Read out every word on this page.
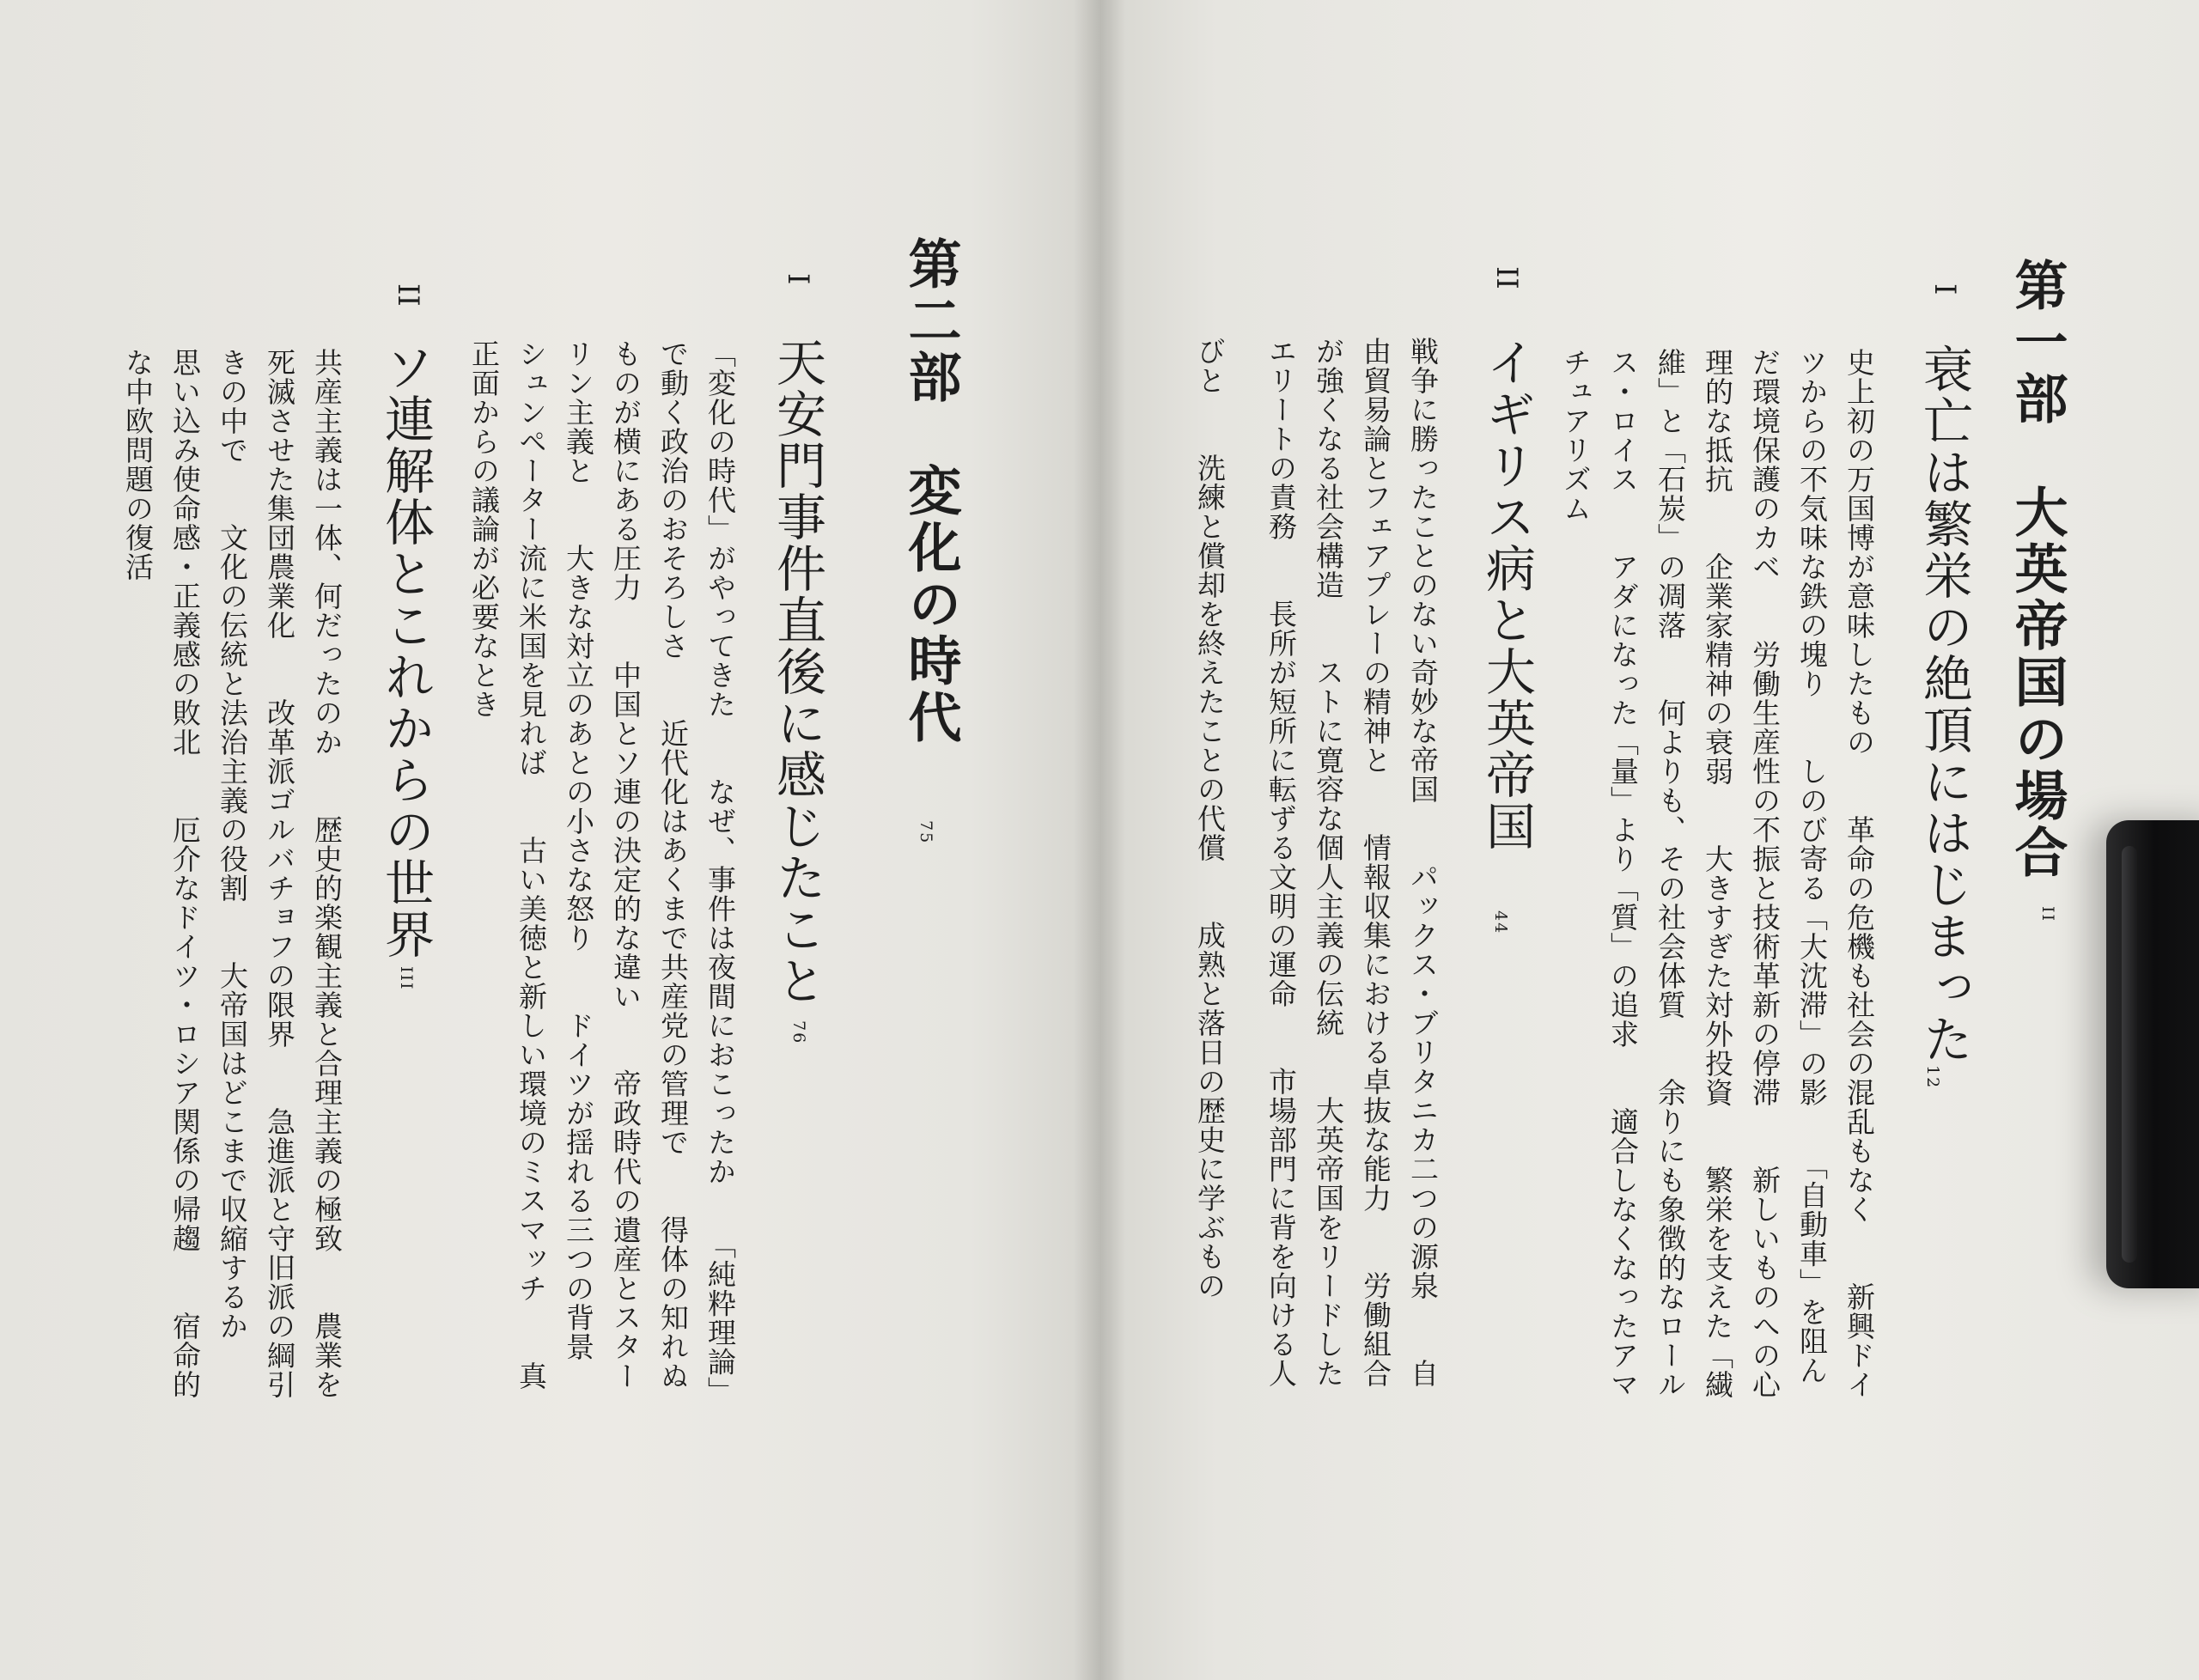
第一部　大英帝国の場合
II
I
衰亡は繁栄の絶頂にはじまった
12
史上初の万国博が意味したもの　　革命の危機も社会の混乱もなく　　新興ドイ
ツからの不気味な鉄の塊り　　しのび寄る「大沈滞」の影　　「自動車」を阻ん
だ環境保護のカベ　　労働生産性の不振と技術革新の停滞　　新しいものへの心
理的な抵抗　　企業家精神の衰弱　　大きすぎた対外投資　　繁栄を支えた「繊
維」と「石炭」の凋落　　何よりも、その社会体質　　余りにも象徴的なロール
ス・ロイス　　アダになった「量」より「質」の追求　　適合しなくなったアマ
チュアリズム
II
イギリス病と大英帝国
44
戦争に勝ったことのない奇妙な帝国　　パックス・ブリタニカ二つの源泉　　自
由貿易論とフェアプレーの精神と　　情報収集における卓抜な能力　　労働組合
が強くなる社会構造　　ストに寛容な個人主義の伝統　　大英帝国をリードした
エリートの責務　　長所が短所に転ずる文明の運命　　市場部門に背を向ける人
びと　　洗練と償却を終えたことの代償　　成熟と落日の歴史に学ぶもの
第二部　変化の時代
75
I
天安門事件直後に感じたこと
76
「変化の時代」がやってきた　　なぜ、事件は夜間におこったか　　「純粋理論」
で動く政治のおそろしさ　　近代化はあくまで共産党の管理で　　得体の知れぬ
ものが横にある圧力　　中国とソ連の決定的な違い　　帝政時代の遺産とスター
リン主義と　　大きな対立のあとの小さな怒り　　ドイツが揺れる三つの背景
シュンペーター流に米国を見れば　　古い美徳と新しい環境のミスマッチ　　真
正面からの議論が必要なとき
II
ソ連解体とこれからの世界
III
共産主義は一体、何だったのか　　歴史的楽観主義と合理主義の極致　　農業を
死滅させた集団農業化　　改革派ゴルバチョフの限界　　急進派と守旧派の綱引
きの中で　　文化の伝統と法治主義の役割　　大帝国はどこまで収縮するか
思い込み使命感・正義感の敗北　　厄介なドイツ・ロシア関係の帰趨　　宿命的
な中欧問題の復活
